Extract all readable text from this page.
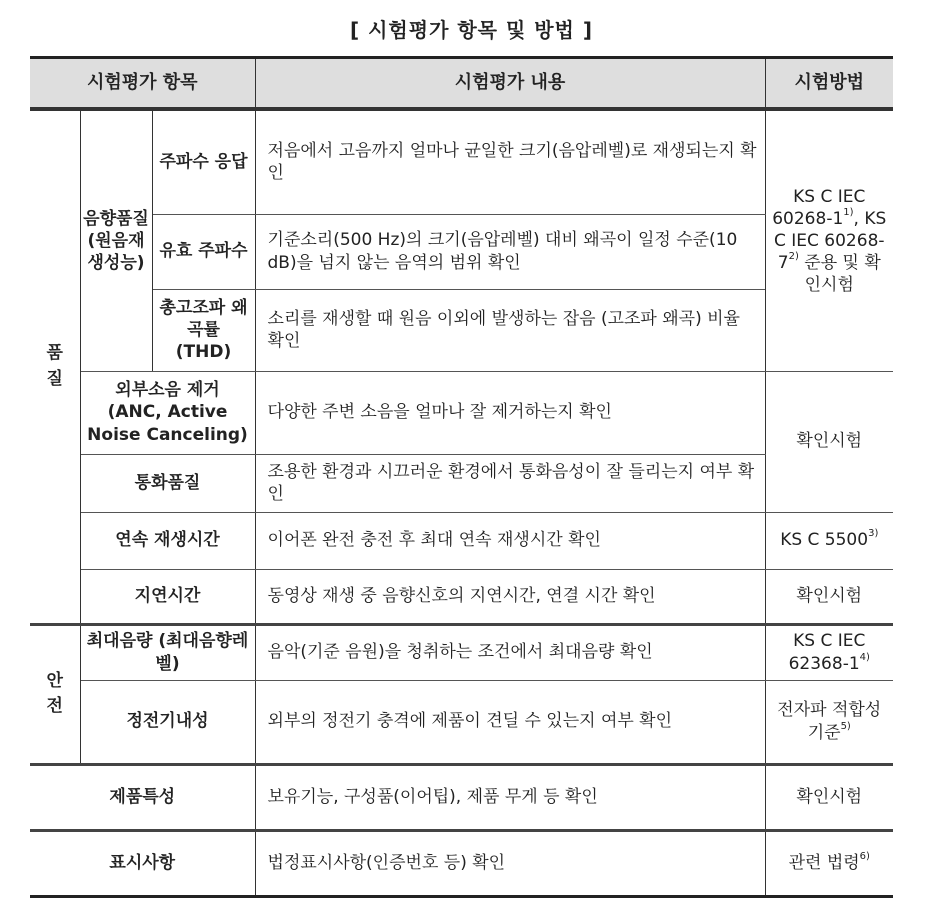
[ 시험평가 항목 및 방법 ]
시험평가 항목			시험평가 내용	시험방법

품질	음향품질(원음재생성능)	주파수 응답	저음에서 고음까지 얼마나 균일한 크기(음압레벨)로 재생되는지 확인	KS C IEC 60268-1$^{1)}$, KS C IEC 60268-7$^{2)}$ 준용 및 확인시험
		유효 주파수	기준소리(500 Hz)의 크기(음압레벨) 대비 왜곡이 일정 수준(10 dB)을 넘지 않는 음역의 범위 확인	
		총고조파 왜곡률 (THD)	소리를 재생할 때 원음 이외에 발생하는 잡음 (고조파 왜곡) 비율 확인	
	외부소음 제거 (ANC, Active Noise Canceling)		다양한 주변 소음을 얼마나 잘 제거하는지 확인	확인시험
	통화품질		조용한 환경과 시끄러운 환경에서 통화음성이 잘 들리는지 여부 확인	
	연속 재생시간		이어폰 완전 충전 후 최대 연속 재생시간 확인	KS C 5500$^{3)}$
	지연시간		동영상 재생 중 음향신호의 지연시간, 연결 시간 확인	확인시험

안전	최대음량 (최대음향레벨)		음악(기준 음원)을 청취하는 조건에서 최대음량 확인	KS C IEC 62368-1$^{4)}$
	정전기내성		외부의 정전기 충격에 제품이 견딜 수 있는지 여부 확인	전자파 적합성 기준$^{5)}$
제품특성			보유기능, 구성품(이어팁), 제품 무게 등 확인	확인시험
표시사항			법정표시사항(인증번호 등) 확인	관련 법령$^{6)}$
